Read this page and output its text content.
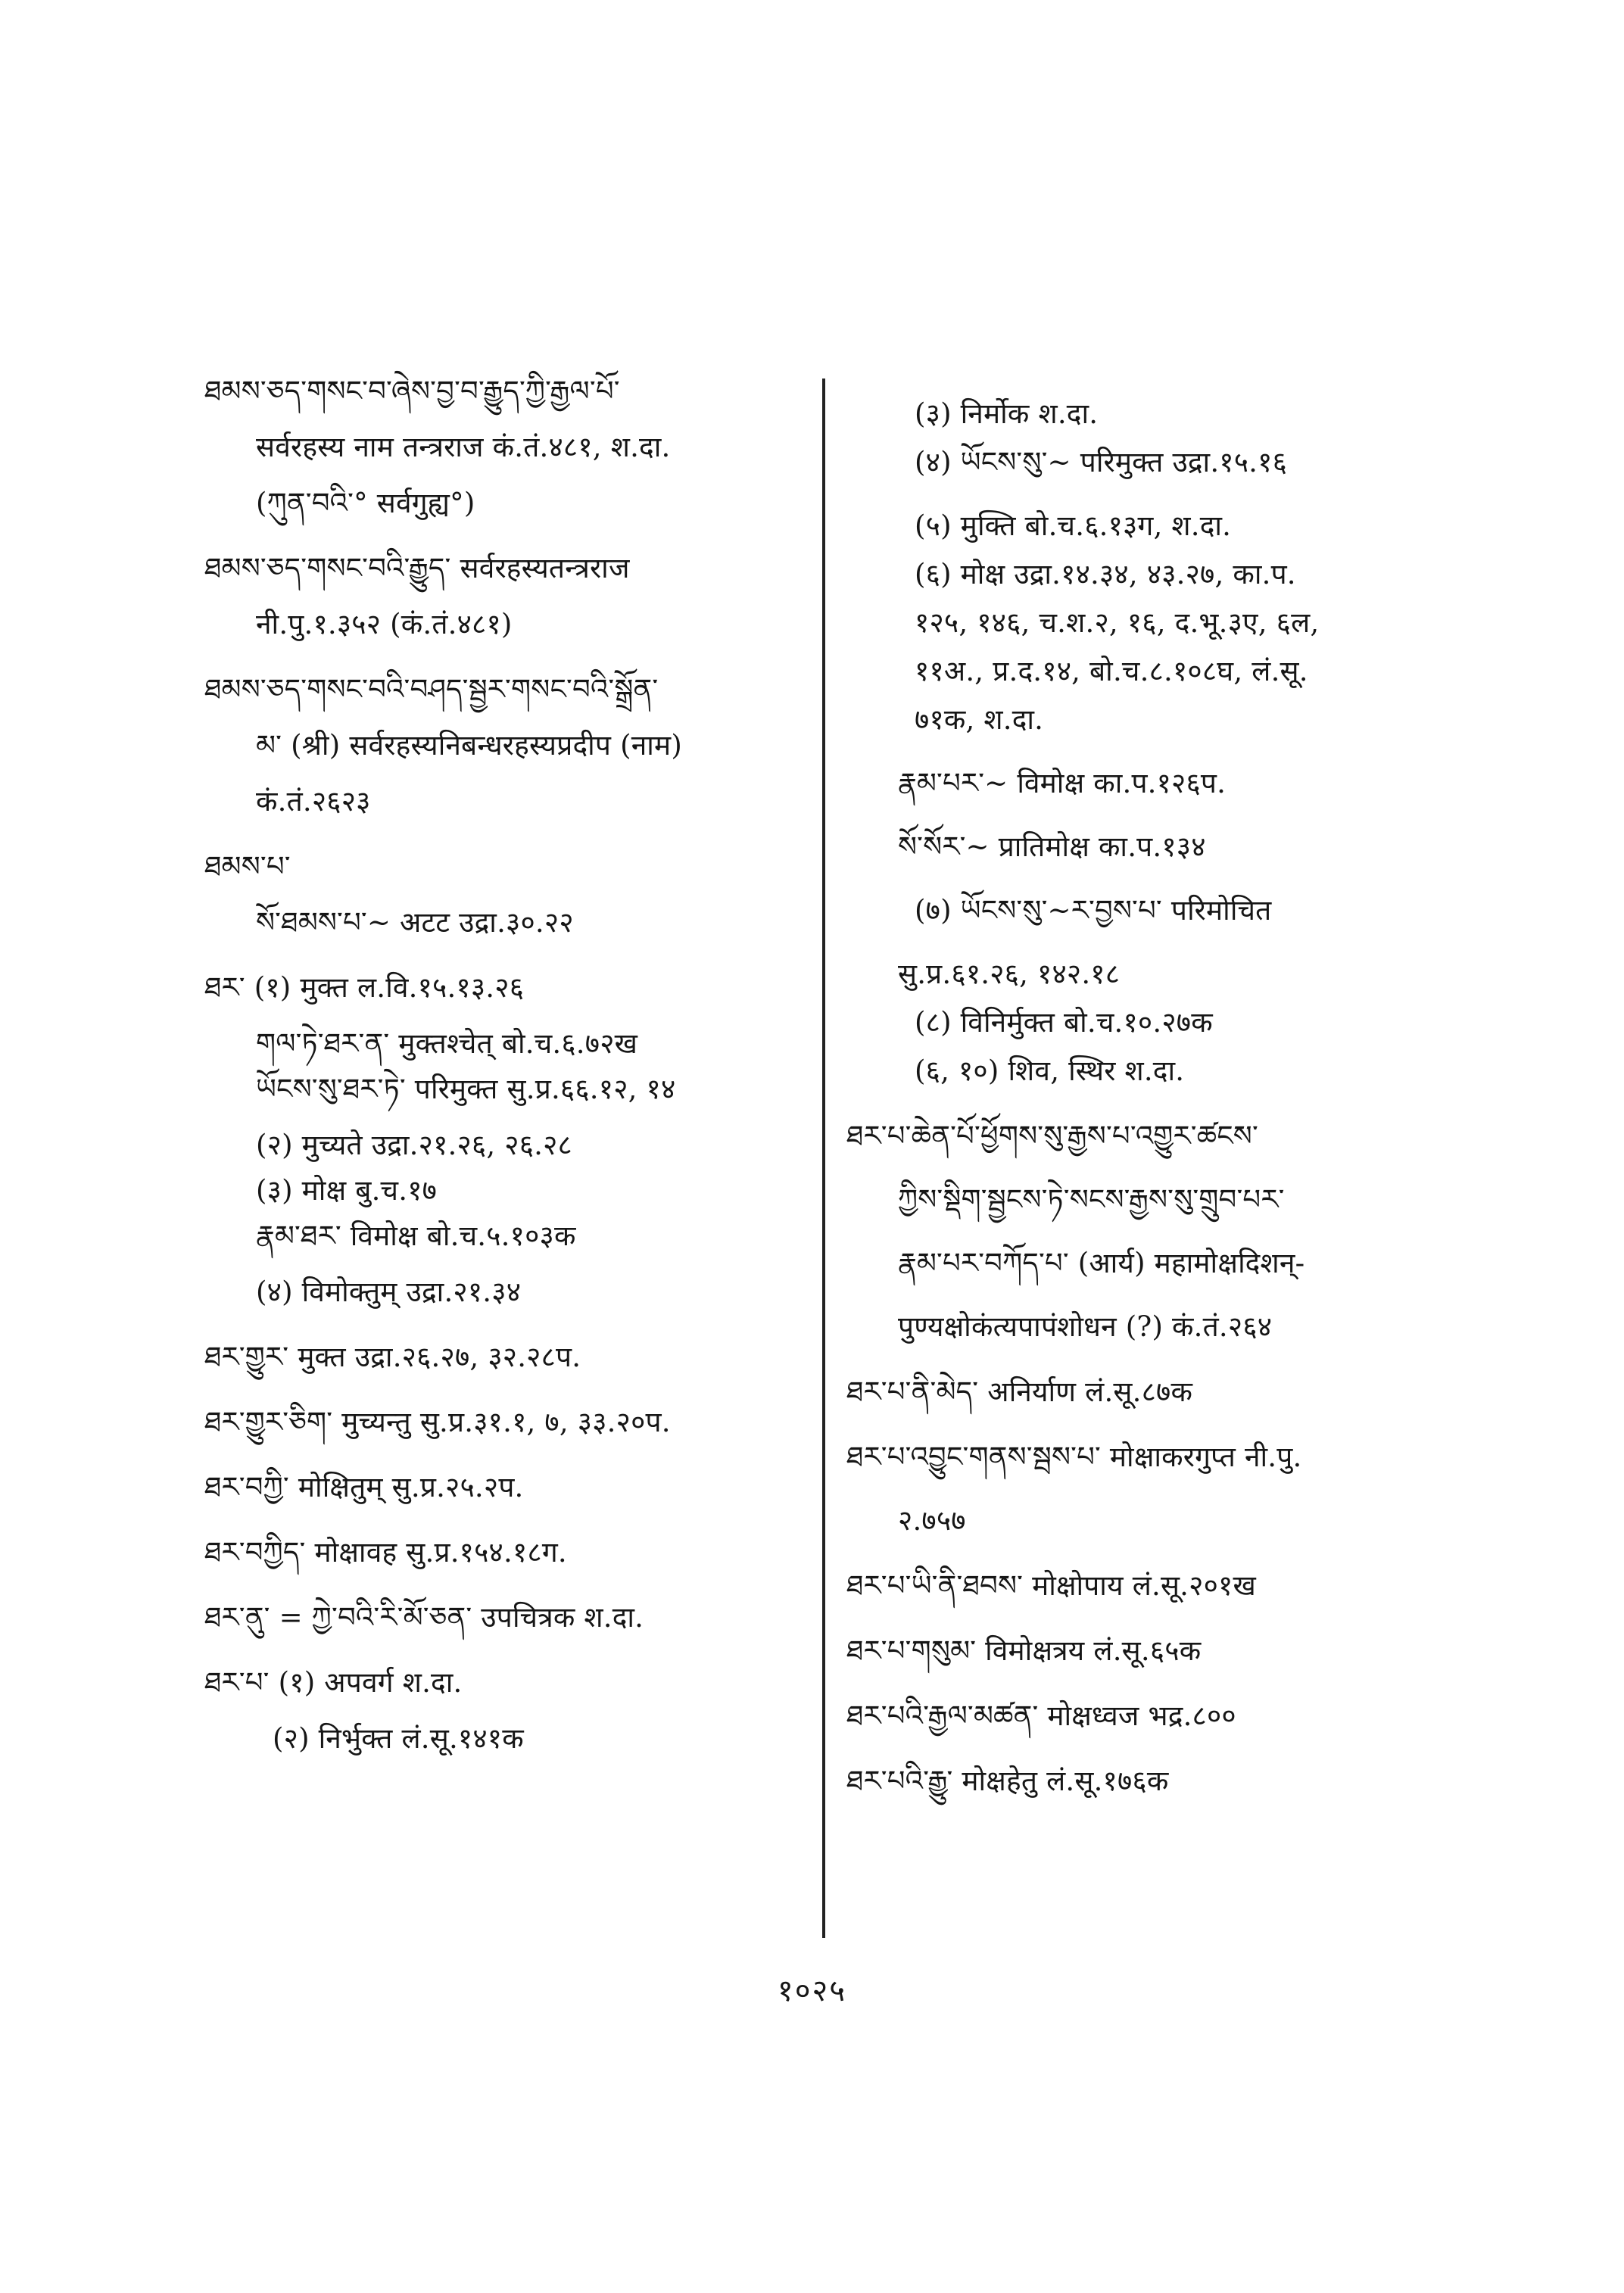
ཐམས་ཅད་གསང་བ་ཞེས་བྱ་བ་རྒྱུད་ཀྱི་རྒྱལ་པོ་
सर्वरहस्य नाम तन्त्रराज कं.तं.४८१, श.दा.
(ཀུན་བའི་° सर्वगुह्य°)
ཐམས་ཅད་གསང་བའི་རྒྱུད་ सर्वरहस्यतन्त्रराज
नी.पु.१.३५२ (कं.तं.४८१)
ཐམས་ཅད་གསང་བའི་བཤད་སྦྱར་གསང་བའི་སྒྲོན་
མ་ (श्री) सर्वरहस्यनिबन्धरहस्यप्रदीप (नाम)
कं.तं.२६२३
ཐམས་པ་
སོ་ཐམས་པ་~ अटट उद्रा.३०.२२
ཐར་ (१) मुक्त ल.वि.१५.१३.२६
གལ་ཏེ་ཐར་ན་ मुक्तश्चेत् बो.च.६.७२ख
ཡོངས་སུ་ཐར་ཏེ་ परिमुक्त सु.प्र.६६.१२, १४
(२) मुच्यते उद्रा.२१.२६, २६.२८
(३) मोक्ष बु.च.१७
རྣམ་ཐར་ विमोक्ष बो.च.५.१०३क
(४) विमोक्तुम् उद्रा.२१.३४
ཐར་གྱུར་ मुक्त उद्रा.२६.२७, ३२.२८प.
ཐར་གྱུར་ཅིག་ मुच्यन्तु सु.प्र.३१.१, ७, ३३.२०प.
ཐར་བཀྱི་ मोक्षितुम् सु.प्र.२५.२प.
ཐར་བཀྱིད་ मोक्षावह सु.प्र.१५४.१८ग.
ཐར་ནུ་ = ཀྱེ་བའི་རི་མོ་ཅན་ उपचित्रक श.दा.
ཐར་པ་ (१) अपवर्ग श.दा.
(२) निर्भुक्त लं.सू.१४१क
(३) निर्मोक श.दा.
(४) ཡོངས་སུ་~ परिमुक्त उद्रा.१५.१६
(५) मुक्ति बो.च.६.१३ग, श.दा.
(६) मोक्ष उद्रा.१४.३४, ४३.२७, का.प.
१२५, १४६, च.श.२, १६, द.भू.३ए, ६ल,
११अ., प्र.द.१४, बो.च.८.१०८घ, लं.सू.
७१क, श.दा.
རྣམ་པར་~ विमोक्ष का.प.१२६प.
སོ་སོར་~ प्रातिमोक्ष का.प.१३४
(७) ཡོངས་སུ་~ར་བྱས་པ་ परिमोचित
सु.प्र.६१.२६, १४२.१८
(८) विनिर्मुक्त बो.च.१०.२७क
(६, १०) शिव, स्थिर श.दा.
ཐར་པ་ཆེན་པོ་ཕྱོགས་སུ་རྒྱས་པ་འགྱུར་ཚངས་
ཀྱིས་སྡིག་སྦྱངས་ཏེ་སངས་རྒྱས་སུ་གྲུབ་པར་
རྣམ་པར་བཀོད་པ་ (आर्य) महामोक्षदिशन्-
पुण्यक्षोकंत्यपापंशोधन (?) कं.तं.२६४
ཐར་པ་ནི་མེད་ अनिर्याण लं.सू.८७क
ཐར་པ་འབྱུང་གནས་སྦས་པ་ मोक्षाकरगुप्त नी.पु.
२.७५७
ཐར་པ་ཡི་ནི་ཐབས་ मोक्षोपाय लं.सू.२०१ख
ཐར་པ་གསུམ་ विमोक्षत्रय लं.सू.६५क
ཐར་པའི་རྒྱལ་མཚན་ मोक्षध्वज भद्र.८००
ཐར་པའི་རྒྱུ་ मोक्षहेतु लं.सू.१७६क
१०२५
